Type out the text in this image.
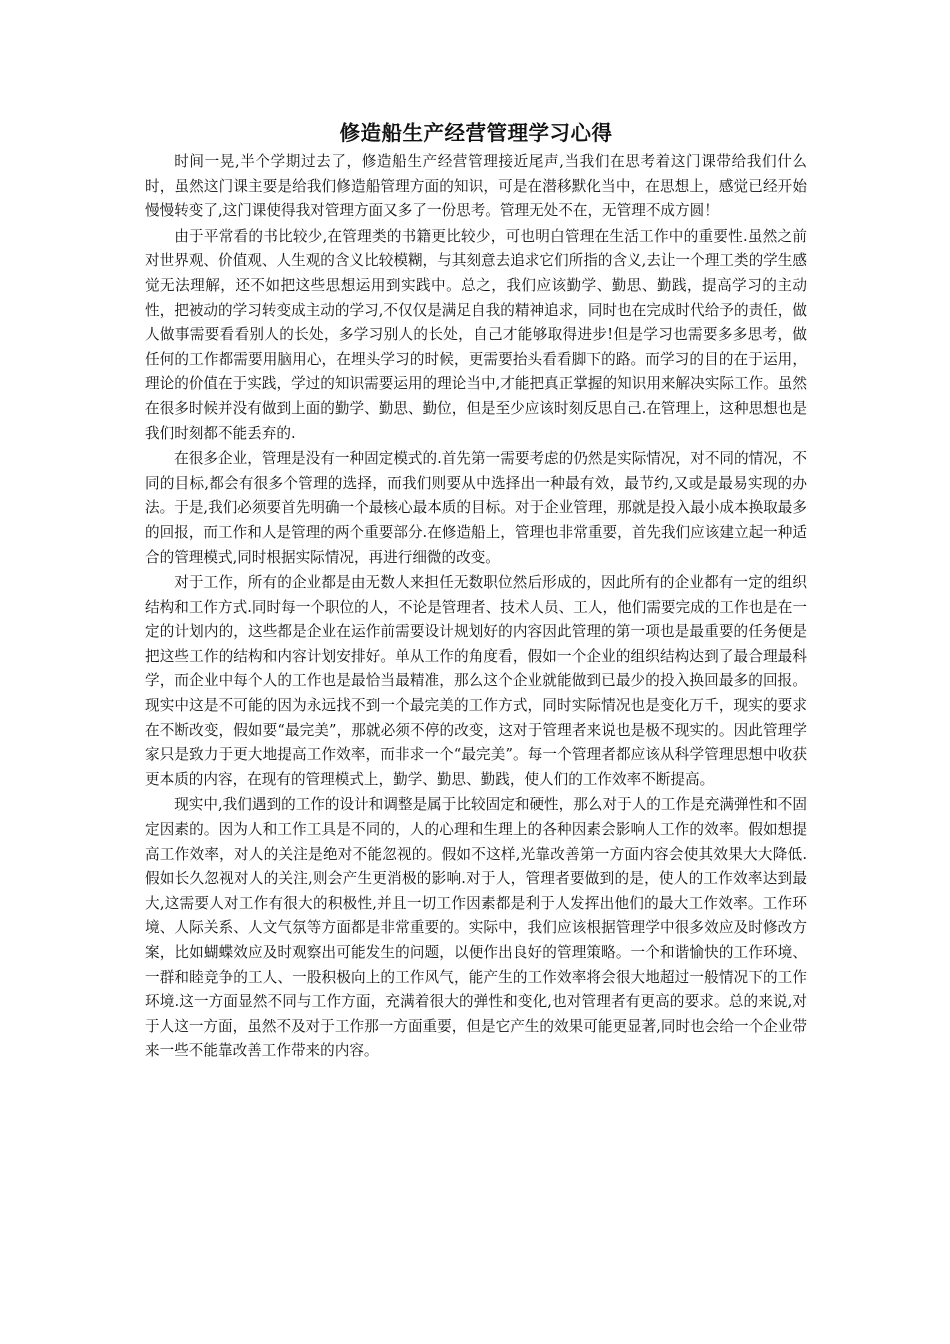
修造船生产经营管理学习心得

时间一晃,半个学期过去了，修造船生产经营管理接近尾声,当我们在思考着这门课带给我们什么时，虽然这门课主要是给我们修造船管理方面的知识，可是在潜移默化当中，在思想上，感觉已经开始慢慢转变了,这门课使得我对管理方面又多了一份思考。管理无处不在，无管理不成方圆！

由于平常看的书比较少,在管理类的书籍更比较少，可也明白管理在生活工作中的重要性.虽然之前对世界观、价值观、人生观的含义比较模糊，与其刻意去追求它们所指的含义,去让一个理工类的学生感觉无法理解，还不如把这些思想运用到实践中。总之，我们应该勤学、勤思、勤践，提高学习的主动性，把被动的学习转变成主动的学习,不仅仅是满足自我的精神追求，同时也在完成时代给予的责任，做人做事需要看看别人的长处，多学习别人的长处，自己才能够取得进步!但是学习也需要多多思考，做任何的工作都需要用脑用心，在埋头学习的时候，更需要抬头看看脚下的路。而学习的目的在于运用，理论的价值在于实践，学过的知识需要运用的理论当中,才能把真正掌握的知识用来解决实际工作。虽然在很多时候并没有做到上面的勤学、勤思、勤位，但是至少应该时刻反思自己.在管理上，这种思想也是我们时刻都不能丢弃的.

在很多企业，管理是没有一种固定模式的.首先第一需要考虑的仍然是实际情况，对不同的情况，不同的目标,都会有很多个管理的选择，而我们则要从中选择出一种最有效，最节约,又或是最易实现的办法。于是,我们必须要首先明确一个最核心最本质的目标。对于企业管理，那就是投入最小成本换取最多的回报，而工作和人是管理的两个重要部分.在修造船上，管理也非常重要，首先我们应该建立起一种适合的管理模式,同时根据实际情况，再进行细微的改变。

对于工作，所有的企业都是由无数人来担任无数职位然后形成的，因此所有的企业都有一定的组织结构和工作方式.同时每一个职位的人，不论是管理者、技术人员、工人，他们需要完成的工作也是在一定的计划内的，这些都是企业在运作前需要设计规划好的内容因此管理的第一项也是最重要的任务便是把这些工作的结构和内容计划安排好。单从工作的角度看，假如一个企业的组织结构达到了最合理最科学，而企业中每个人的工作也是最恰当最精准，那么这个企业就能做到已最少的投入换回最多的回报。现实中这是不可能的因为永远找不到一个最完美的工作方式，同时实际情况也是变化万千，现实的要求在不断改变，假如要“最完美”，那就必须不停的改变，这对于管理者来说也是极不现实的。因此管理学家只是致力于更大地提高工作效率，而非求一个“最完美”。每一个管理者都应该从科学管理思想中收获更本质的内容，在现有的管理模式上，勤学、勤思、勤践，使人们的工作效率不断提高。

现实中,我们遇到的工作的设计和调整是属于比较固定和硬性，那么对于人的工作是充满弹性和不固定因素的。因为人和工作工具是不同的，人的心理和生理上的各种因素会影响人工作的效率。假如想提高工作效率，对人的关注是绝对不能忽视的。假如不这样,光靠改善第一方面内容会使其效果大大降低.假如长久忽视对人的关注,则会产生更消极的影响.对于人，管理者要做到的是，使人的工作效率达到最大,这需要人对工作有很大的积极性,并且一切工作因素都是利于人发挥出他们的最大工作效率。工作环境、人际关系、人文气氛等方面都是非常重要的。实际中，我们应该根据管理学中很多效应及时修改方案，比如蝴蝶效应及时观察出可能发生的问题，以便作出良好的管理策略。一个和谐愉快的工作环境、一群和睦竞争的工人、一股积极向上的工作风气，能产生的工作效率将会很大地超过一般情况下的工作环境.这一方面显然不同与工作方面，充满着很大的弹性和变化,也对管理者有更高的要求。总的来说,对于人这一方面，虽然不及对于工作那一方面重要，但是它产生的效果可能更显著,同时也会给一个企业带来一些不能靠改善工作带来的内容。
